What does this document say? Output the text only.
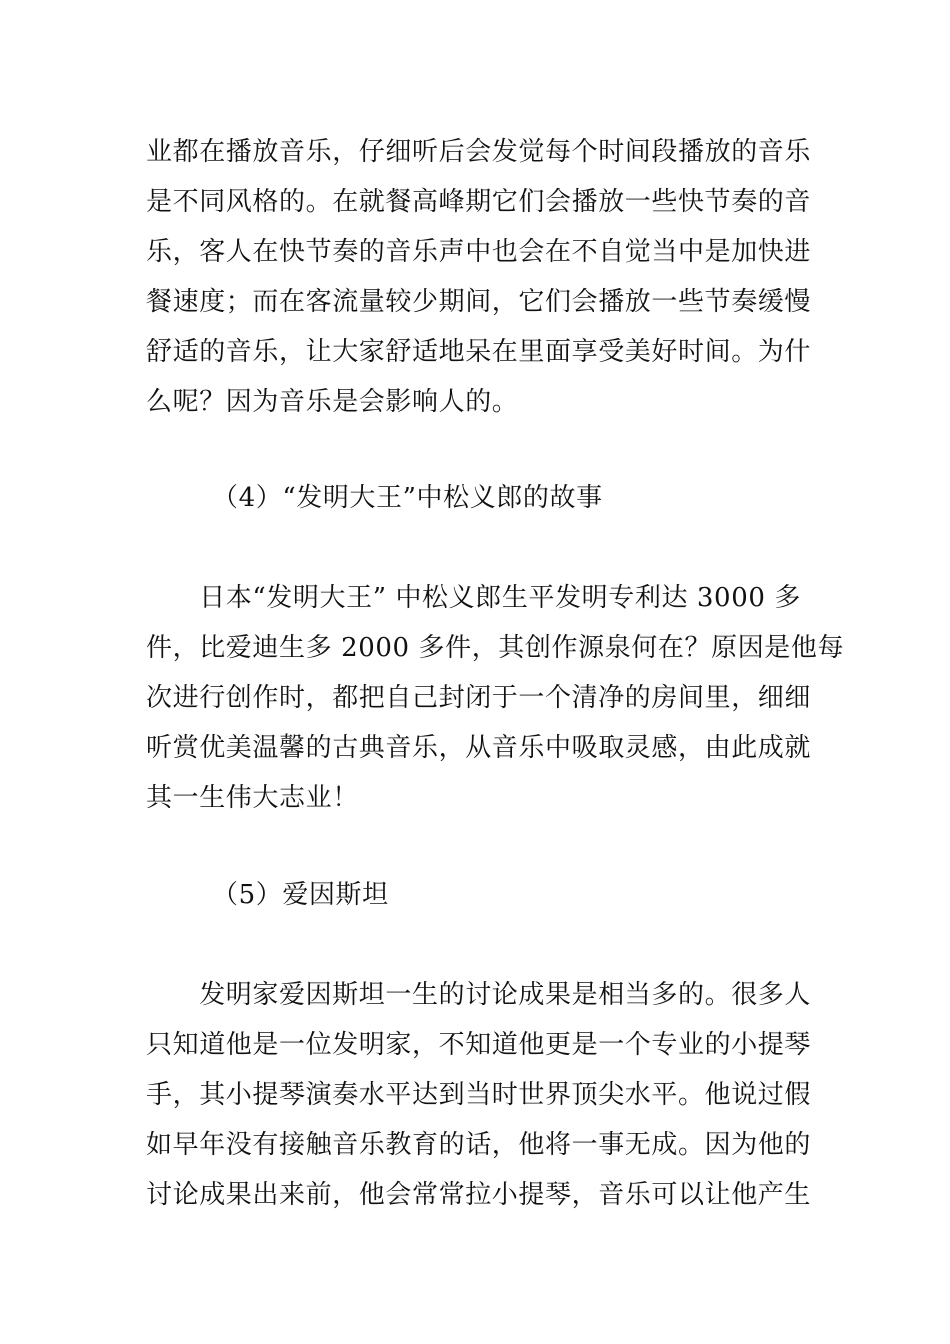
业都在播放音乐，仔细听后会发觉每个时间段播放的音乐
是不同风格的。在就餐高峰期它们会播放一些快节奏的音
乐，客人在快节奏的音乐声中也会在不自觉当中是加快进
餐速度；而在客流量较少期间，它们会播放一些节奏缓慢
舒适的音乐，让大家舒适地呆在里面享受美好时间。为什
么呢？因为音乐是会影响人的。
（4）“发明大王”中松义郎的故事
　　日本“发明大王” 中松义郎生平发明专利达 3000 多
件，比爱迪生多 2000 多件，其创作源泉何在？原因是他每
次进行创作时，都把自己封闭于一个清净的房间里，细细
听赏优美温馨的古典音乐，从音乐中吸取灵感，由此成就
其一生伟大志业！
（5）爱因斯坦
　　发明家爱因斯坦一生的讨论成果是相当多的。很多人
只知道他是一位发明家，不知道他更是一个专业的小提琴
手，其小提琴演奏水平达到当时世界顶尖水平。他说过假
如早年没有接触音乐教育的话，他将一事无成。因为他的
讨论成果出来前，他会常常拉小提琴，音乐可以让他产生
